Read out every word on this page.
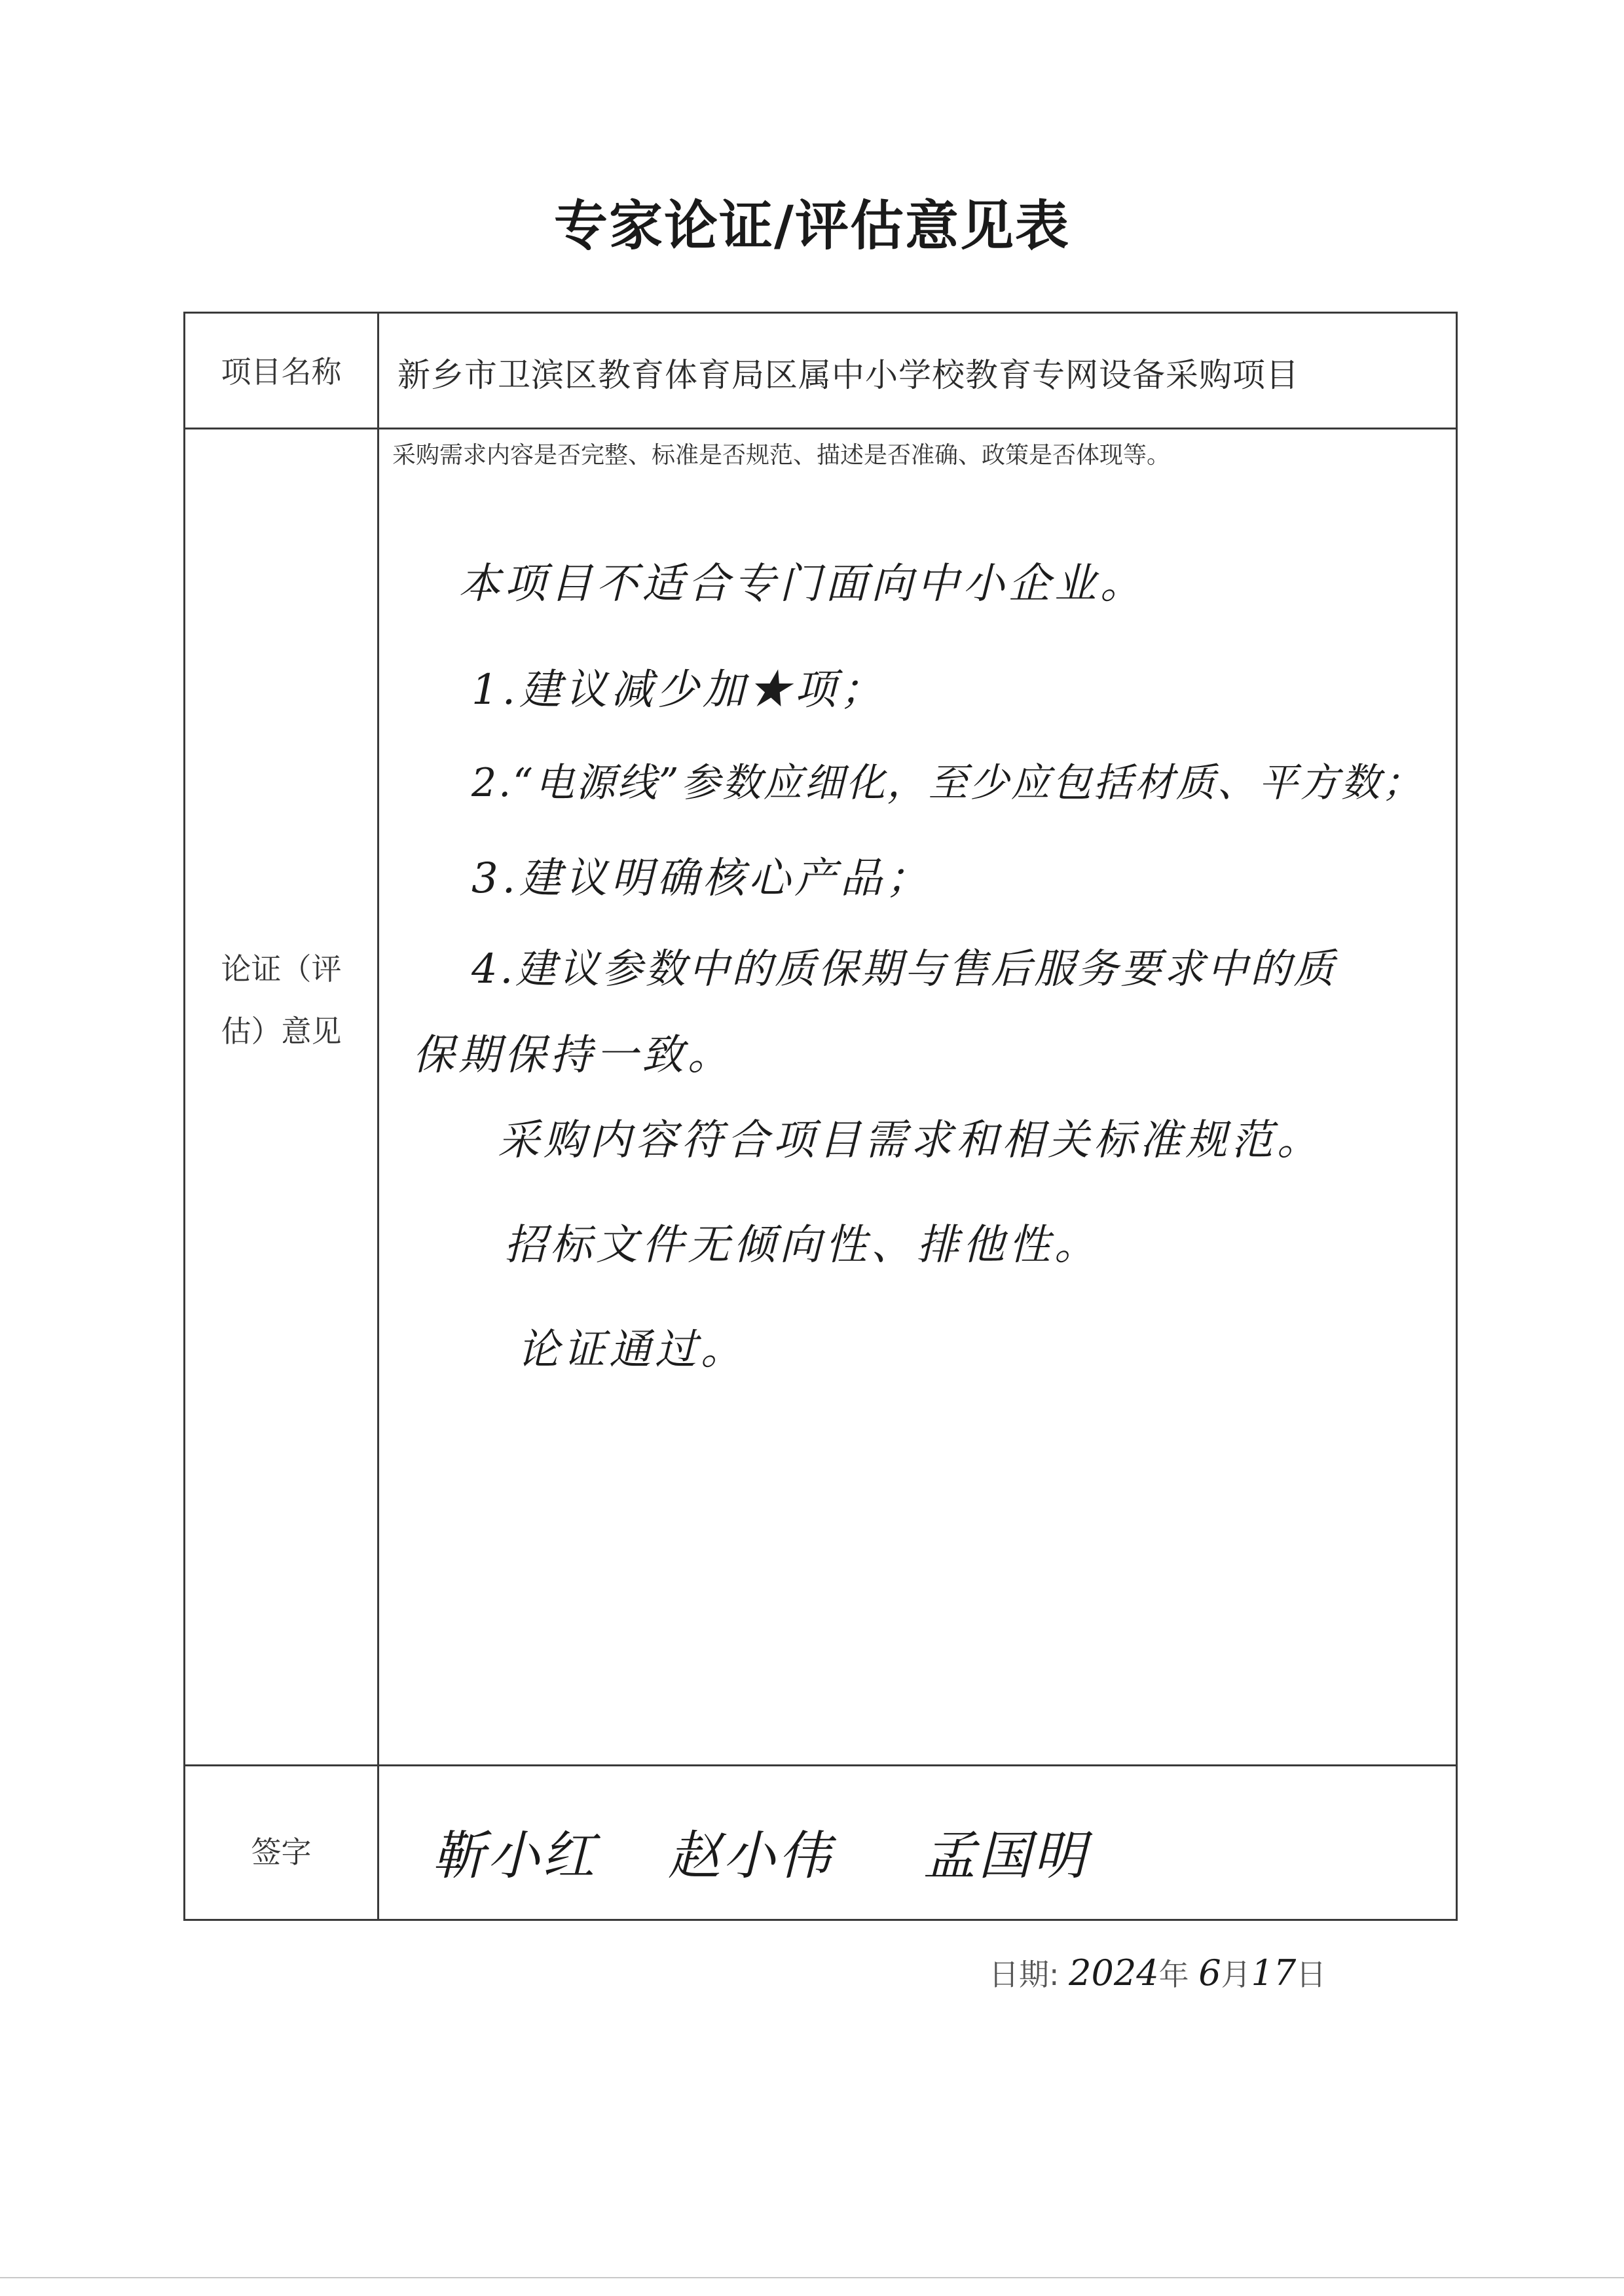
专家论证/评估意见表
项目名称	新乡市卫滨区教育体育局区属中小学校教育专网设备采购项目
论证（评
估）意见
采购需求内容是否完整、标准是否规范、描述是否准确、政策是否体现等。
签字
本项目不适合专门面向中小企业。
1.建议减少加★项；
2.“电源线”参数应细化，至少应包括材质、平方数；
3.建议明确核心产品；
4.建议参数中的质保期与售后服务要求中的质
保期保持一致。
采购内容符合项目需求和相关标准规范。
招标文件无倾向性、排他性。
论证通过。
靳小红 赵小伟 孟国明
日期: 2024年 6月17日
